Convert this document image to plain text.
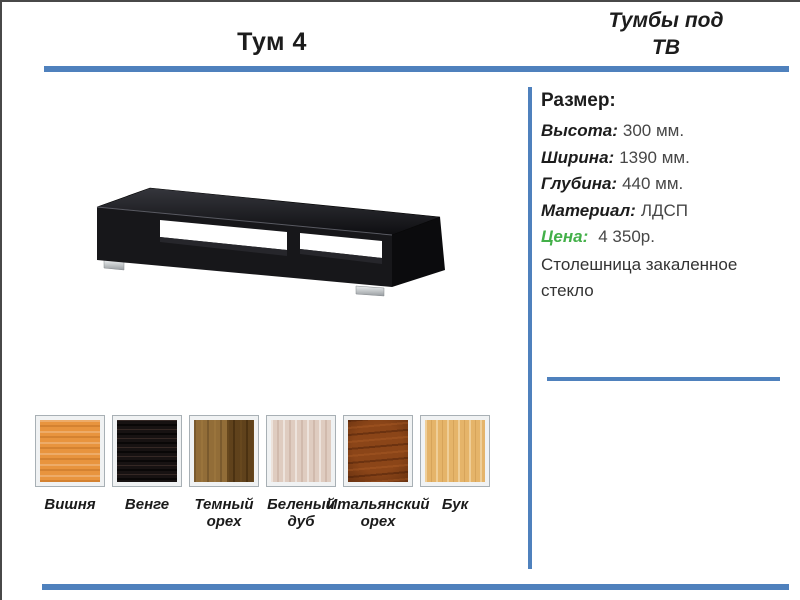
Тум 4
Тумбы под
ТВ
Размер:
Высота: 300 мм.
Ширина: 1390 мм.
Глубина: 440 мм.
Материал: ЛДСП
Цена: 4 350р.
Столешница закаленное стекло
Вишня	Венге	Темный орех
Беленый дуб
Итальянский орех
Бук
